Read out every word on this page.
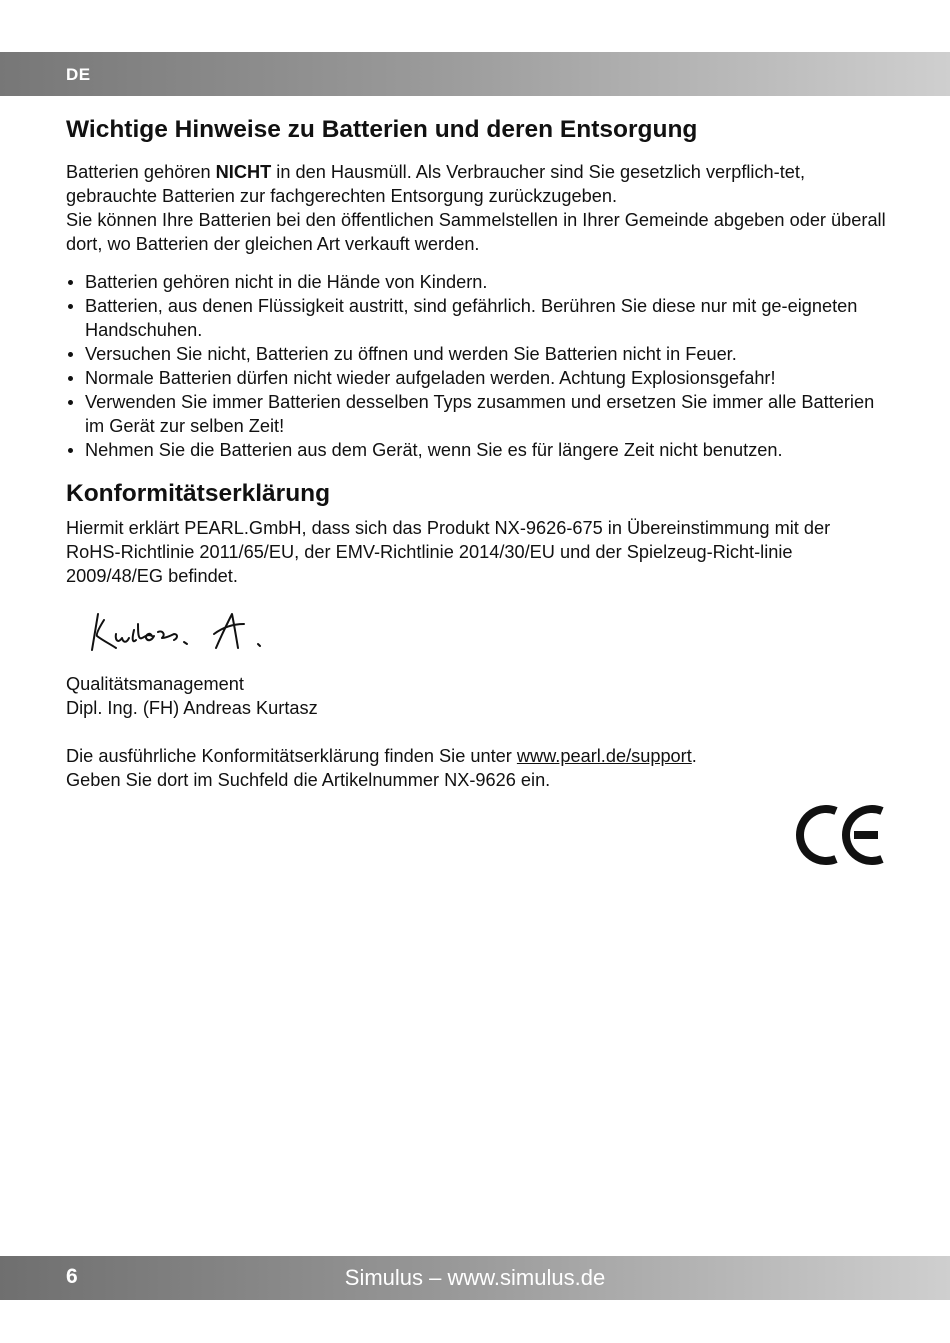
DE
Wichtige Hinweise zu Batterien und deren Entsorgung

Batterien gehören NICHT in den Hausmüll. Als Verbraucher sind Sie gesetzlich verpflich-tet, gebrauchte Batterien zur fachgerechten Entsorgung zurückzugeben.

Sie können Ihre Batterien bei den öffentlichen Sammelstellen in Ihrer Gemeinde abgeben oder überall dort, wo Batterien der gleichen Art verkauft werden.

Batterien gehören nicht in die Hände von Kindern.
Batterien, aus denen Flüssigkeit austritt, sind gefährlich. Berühren Sie diese nur mit ge-eigneten Handschuhen.
Versuchen Sie nicht, Batterien zu öffnen und werden Sie Batterien nicht in Feuer.
Normale Batterien dürfen nicht wieder aufgeladen werden. Achtung Explosionsgefahr!
Verwenden Sie immer Batterien desselben Typs zusammen und ersetzen Sie immer alle Batterien im Gerät zur selben Zeit!
Nehmen Sie die Batterien aus dem Gerät, wenn Sie es für längere Zeit nicht benutzen.
Konformitätserklärung

Hiermit erklärt PEARL.GmbH, dass sich das Produkt NX-9626-675 in Übereinstimmung mit der RoHS-Richtlinie 2011/65/EU, der EMV-Richtlinie 2014/30/EU und der Spielzeug-Richt-linie 2009/48/EG befindet.

Qualitätsmanagement

Dipl. Ing. (FH) Andreas Kurtasz

Die ausführliche Konformitätserklärung finden Sie unter www.pearl.de/support.

Geben Sie dort im Suchfeld die Artikelnummer NX-9626 ein.

6	Simulus – www.simulus.de
